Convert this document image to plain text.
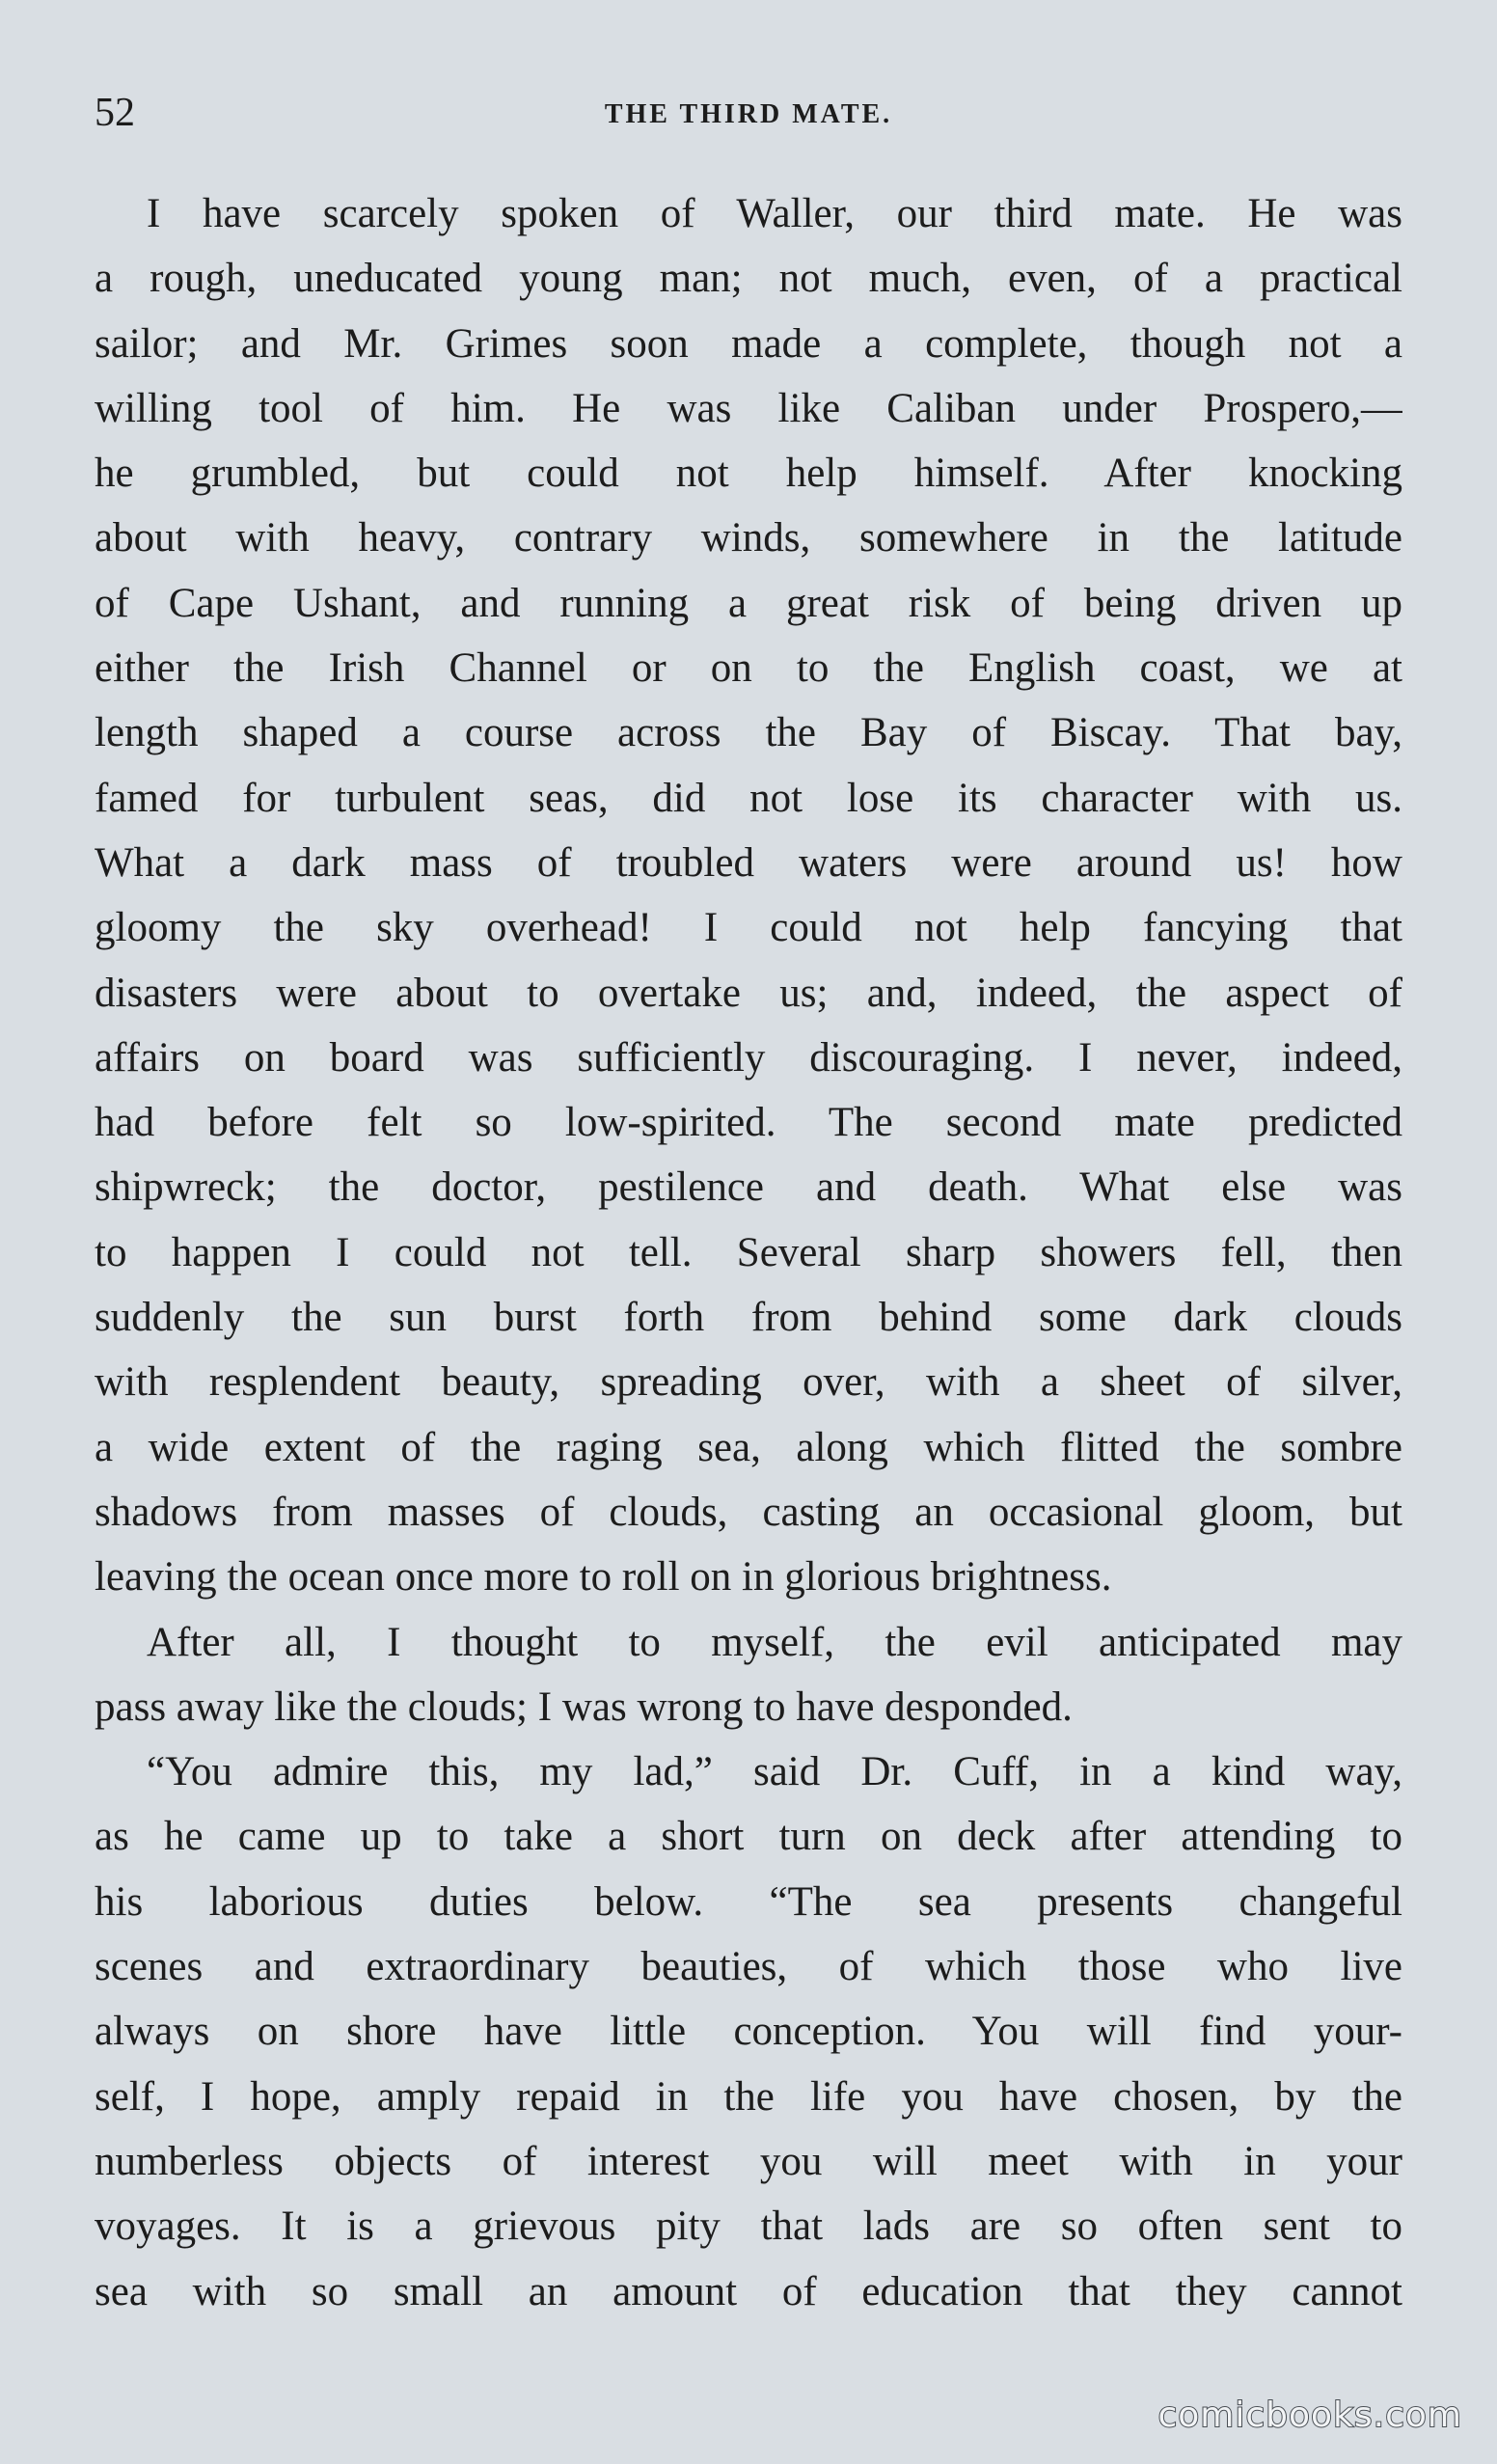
52	THE THIRD MATE.
I have scarcely spoken of Waller, our third mate. He was
a rough, uneducated young man; not much, even, of a practical
sailor; and Mr. Grimes soon made a complete, though not a
willing tool of him. He was like Caliban under Prospero,—
he grumbled, but could not help himself. After knocking
about with heavy, contrary winds, somewhere in the latitude
of Cape Ushant, and running a great risk of being driven up
either the Irish Channel or on to the English coast, we at
length shaped a course across the Bay of Biscay. That bay,
famed for turbulent seas, did not lose its character with us.
What a dark mass of troubled waters were around us! how
gloomy the sky overhead! I could not help fancying that
disasters were about to overtake us; and, indeed, the aspect of
affairs on board was sufficiently discouraging. I never, indeed,
had before felt so low-spirited. The second mate predicted
shipwreck; the doctor, pestilence and death. What else was
to happen I could not tell. Several sharp showers fell, then
suddenly the sun burst forth from behind some dark clouds
with resplendent beauty, spreading over, with a sheet of silver,
a wide extent of the raging sea, along which flitted the sombre
shadows from masses of clouds, casting an occasional gloom, but
leaving the ocean once more to roll on in glorious brightness.
After all, I thought to myself, the evil anticipated may
pass away like the clouds; I was wrong to have desponded.
“You admire this, my lad,” said Dr. Cuff, in a kind way,
as he came up to take a short turn on deck after attending to
his laborious duties below. “The sea presents changeful
scenes and extraordinary beauties, of which those who live
always on shore have little conception. You will find your-
self, I hope, amply repaid in the life you have chosen, by the
numberless objects of interest you will meet with in your
voyages. It is a grievous pity that lads are so often sent to
sea with so small an amount of education that they cannot
comicbooks.com
